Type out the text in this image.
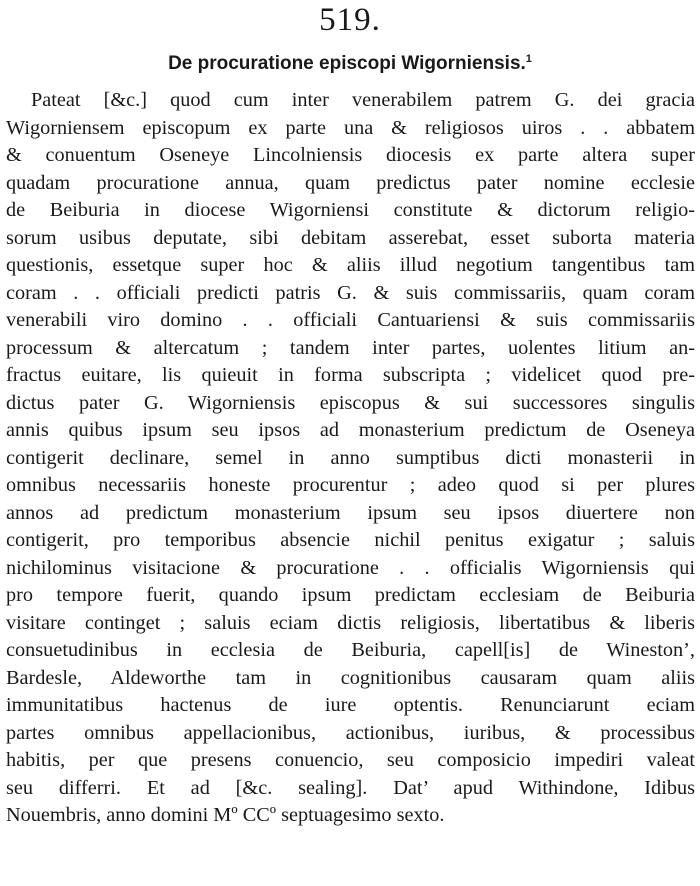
519.
De procuratione episcopi Wigorniensis.$^1$
Pateat [&c.] quod cum inter venerabilem patrem G. dei gracia
Wigorniensem episcopum ex parte una & religiosos uiros . . abbatem
& conuentum Oseneye Lincolniensis diocesis ex parte altera super
quadam procuratione annua, quam predictus pater nomine ecclesie
de Beiburia in diocese Wigorniensi constitute & dictorum religio-
sorum usibus deputate, sibi debitam asserebat, esset suborta materia
questionis, essetque super hoc & aliis illud negotium tangentibus tam
coram . . officiali predicti patris G. & suis commissariis, quam coram
venerabili viro domino . . officiali Cantuariensi & suis commissariis
processum & altercatum ; tandem inter partes, uolentes litium an-
fractus euitare, lis quieuit in forma subscripta ; videlicet quod pre-
dictus pater G. Wigorniensis episcopus & sui successores singulis
annis quibus ipsum seu ipsos ad monasterium predictum de Oseneya
contigerit declinare, semel in anno sumptibus dicti monasterii in
omnibus necessariis honeste procurentur ; adeo quod si per plures
annos ad predictum monasterium ipsum seu ipsos diuertere non
contigerit, pro temporibus absencie nichil penitus exigatur ; saluis
nichilominus visitacione & procuratione . . officialis Wigorniensis qui
pro tempore fuerit, quando ipsum predictam ecclesiam de Beiburia
visitare continget ; saluis eciam dictis religiosis, libertatibus & liberis
consuetudinibus in ecclesia de Beiburia, capell[is] de Wineston’,
Bardesle, Aldeworthe tam in cognitionibus causaram quam aliis
immunitatibus hactenus de iure optentis. Renunciarunt eciam
partes omnibus appellacionibus, actionibus, iuribus, & processibus
habitis, per que presens conuencio, seu composicio impediri valeat
seu differri. Et ad [&c. sealing]. Dat’ apud Withindone, Idibus
Nouembris, anno domini Mº CCº septuagesimo sexto.
